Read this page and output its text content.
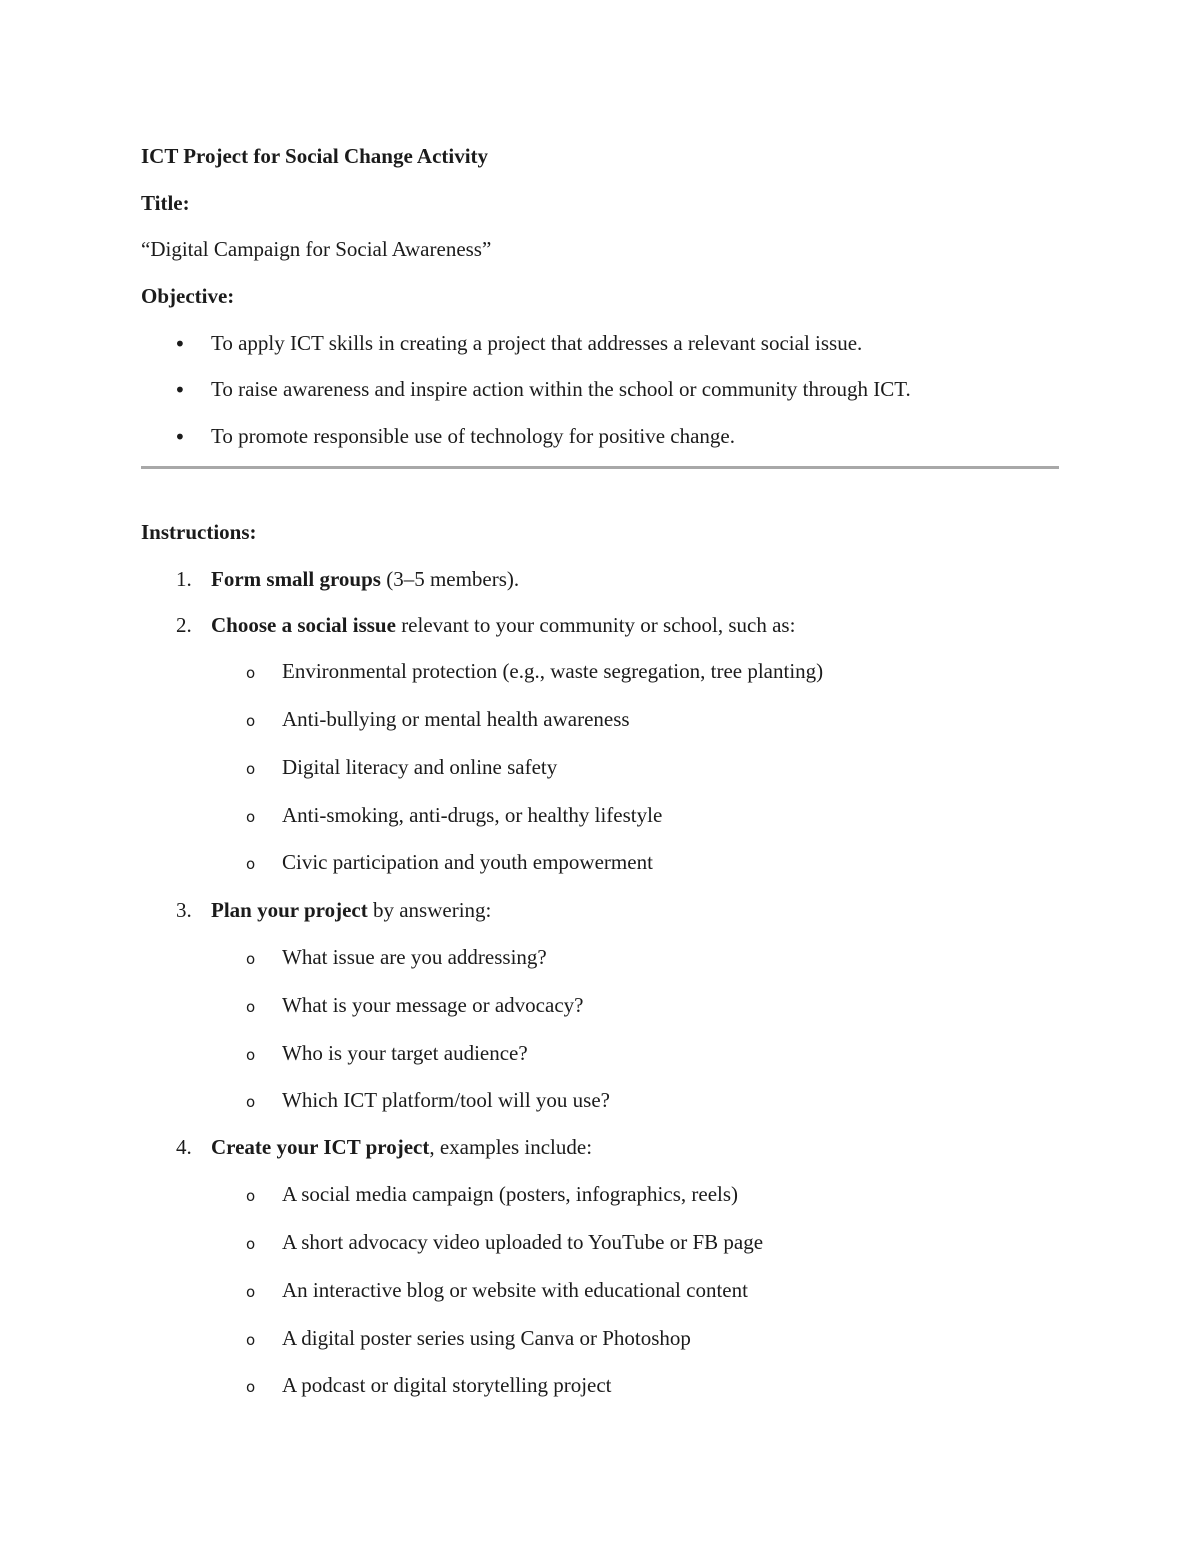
ICT Project for Social Change Activity
Title:
“Digital Campaign for Social Awareness”
Objective:
• To apply ICT skills in creating a project that addresses a relevant social issue.
• To raise awareness and inspire action within the school or community through ICT.
• To promote responsible use of technology for positive change.
Instructions:
1. Form small groups (3–5 members).
2. Choose a social issue relevant to your community or school, such as:
o Environmental protection (e.g., waste segregation, tree planting)
o Anti-bullying or mental health awareness
o Digital literacy and online safety
o Anti-smoking, anti-drugs, or healthy lifestyle
o Civic participation and youth empowerment
3. Plan your project by answering:
o What issue are you addressing?
o What is your message or advocacy?
o Who is your target audience?
o Which ICT platform/tool will you use?
4. Create your ICT project, examples include:
o A social media campaign (posters, infographics, reels)
o A short advocacy video uploaded to YouTube or FB page
o An interactive blog or website with educational content
o A digital poster series using Canva or Photoshop
o A podcast or digital storytelling project
